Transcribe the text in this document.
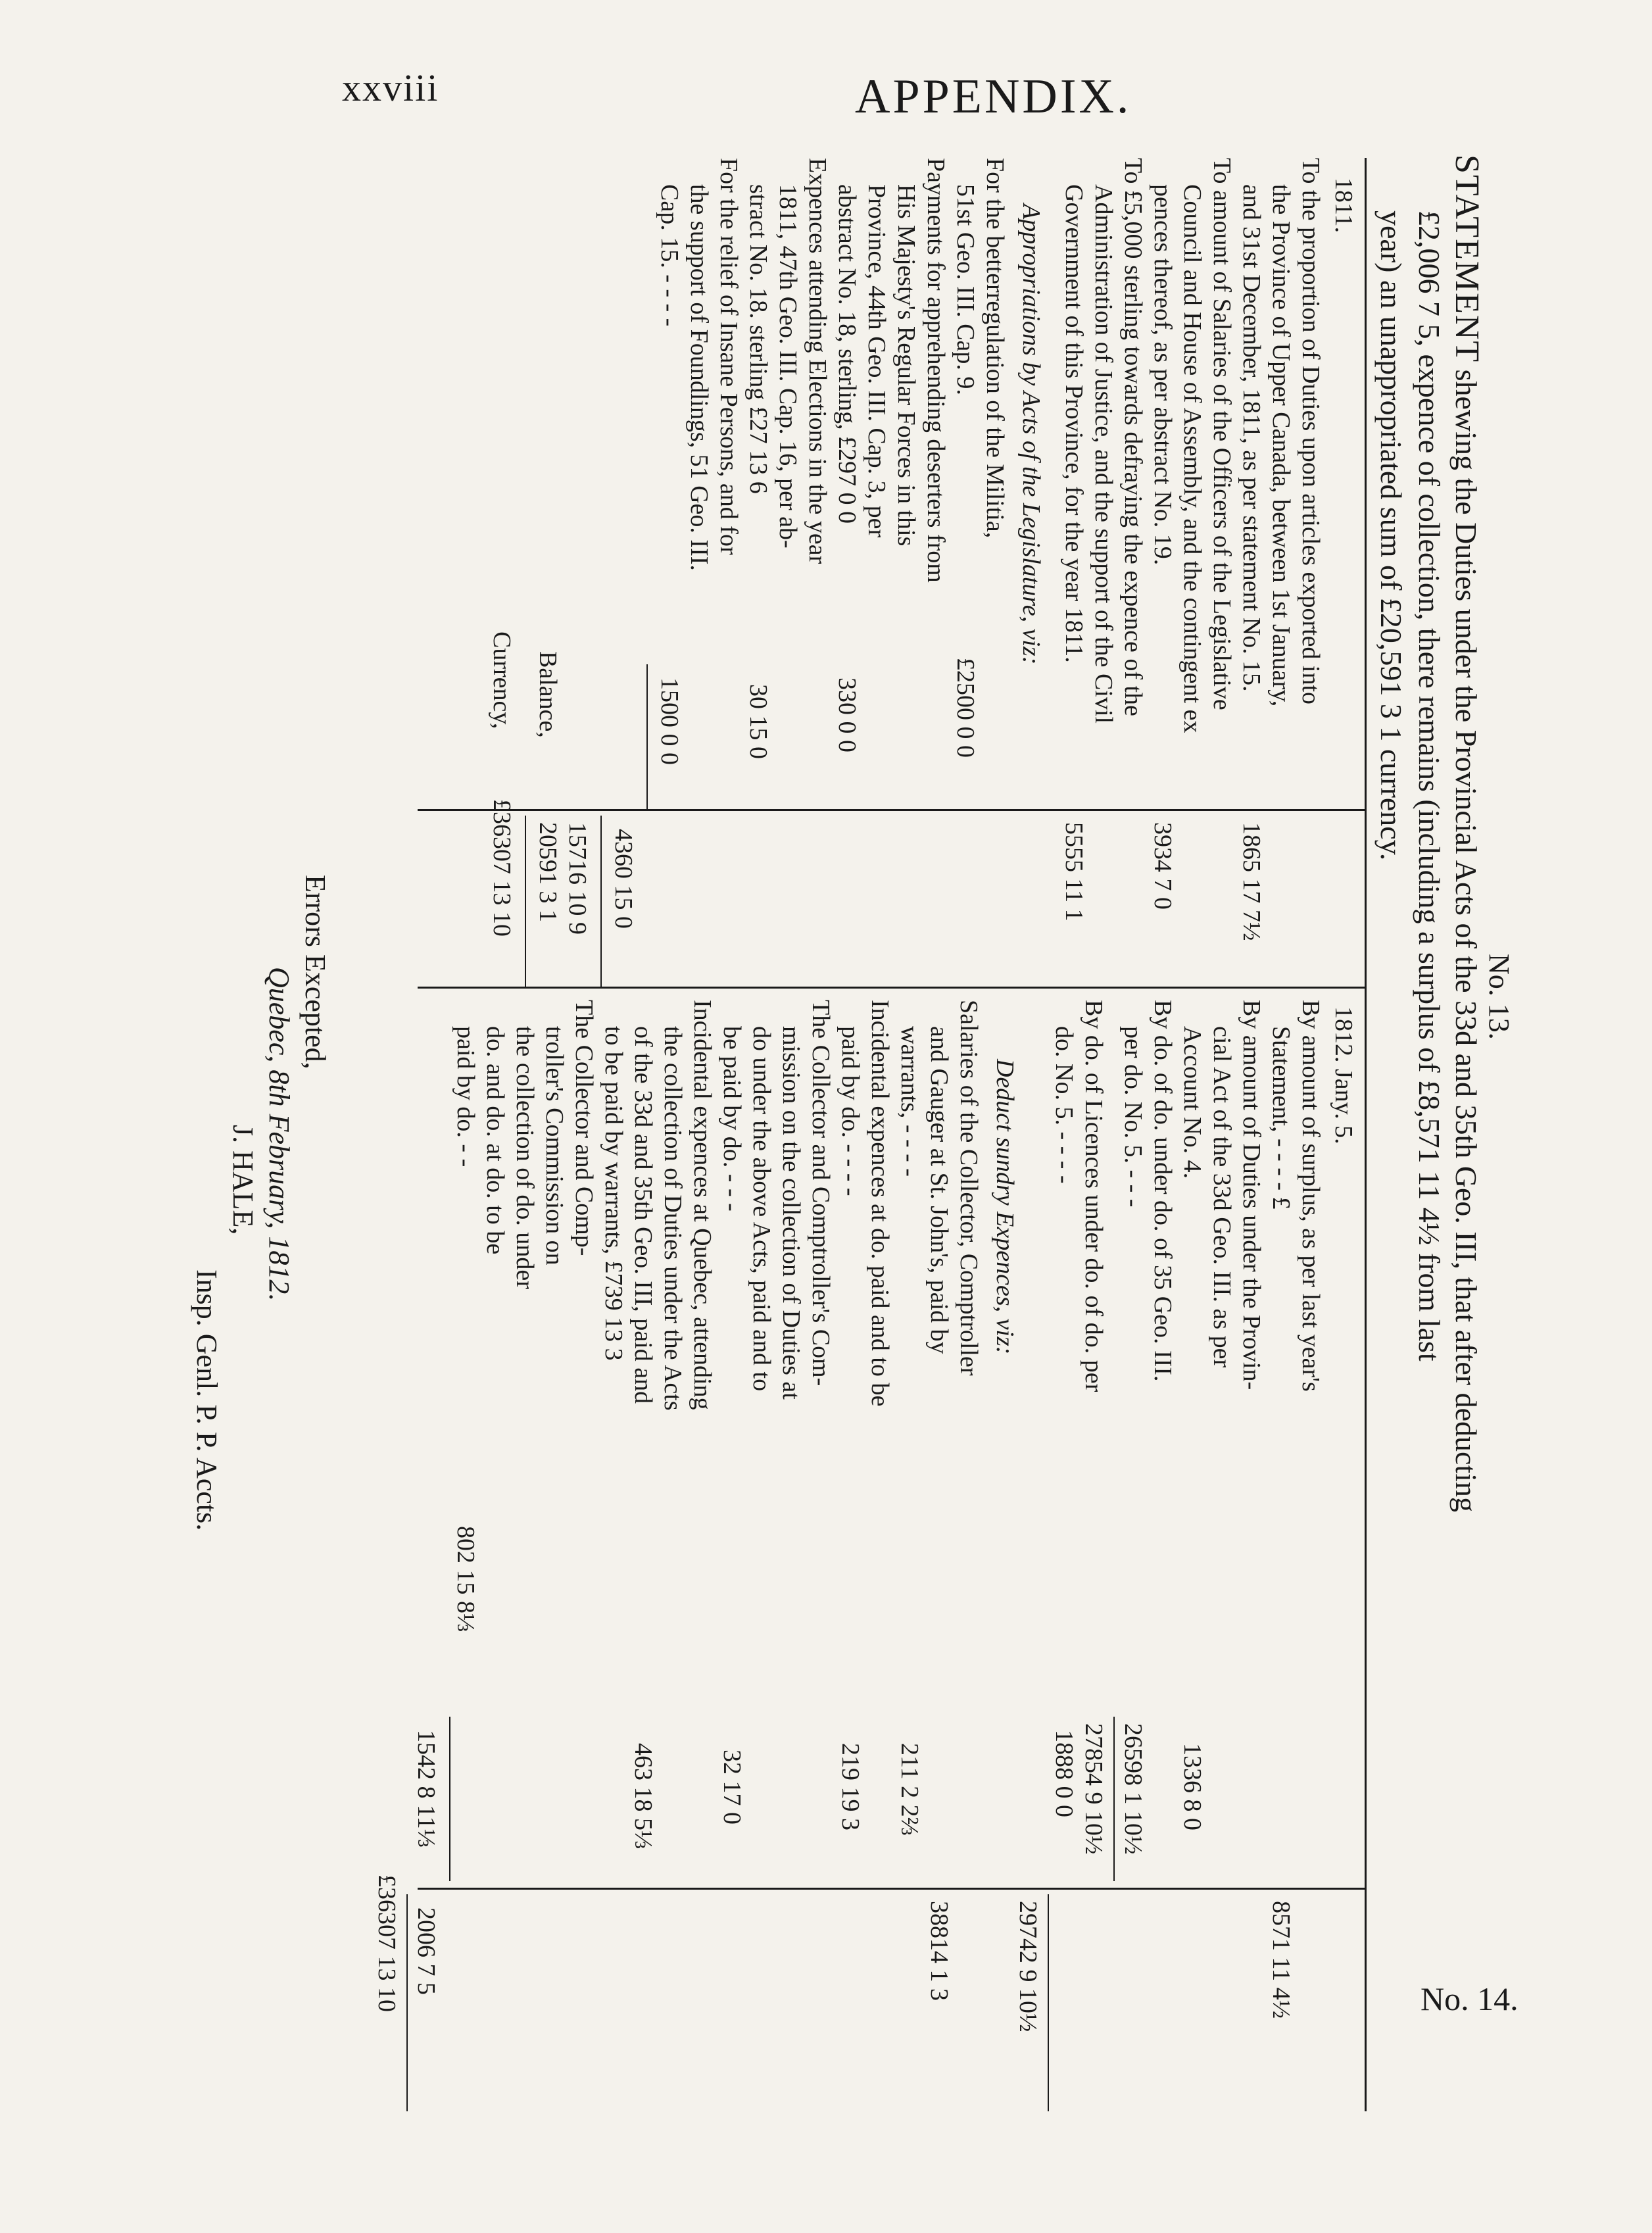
xxviii	APPENDIX.
No. 13.
STATEMENT shewing the Duties under the Provincial Acts of the 33d and 35th Geo. III, that after deducting
£2,006 7 5, expence of collection, there remains (including a surplus of £8,571 11 4½ from last
year) an unappropriated sum of £20,591 3 1 currency.
1811.
To the proportion of Duties upon articles exported into
the Province of Upper Canada, between 1st January,
and 31st December, 1811, as per statement No. 15.
1865 17 7½
To amount of Salaries of the Officers of the Legislative
Council and House of Assembly, and the contingent ex
pences thereof, as per abstract No. 19.
3934 7 0
To £5,000 sterling towards defraying the expence of the
Administration of Justice, and the support of the Civil
Government of this Province, for the year 1811.
5555 11 1
Appropriations by Acts of the Legislature, viz:
For the betterregulation of the Militia,
51st Geo. III. Cap. 9.
£2500 0 0
Payments for apprehending deserters from
His Majesty's Regular Forces in this
Province, 44th Geo. III. Cap. 3, per
abstract No. 18, sterling, £297 0 0
330 0 0
Expences attending Elections in the year
1811, 47th Geo. III. Cap. 16, per ab-
stract No. 18. sterling £27 13 6
30 15 0
For the relief of Insane Persons, and for
the support of Foundlings, 51 Geo. III.
Cap. 15. - - - -
1500 0 0
4360 15 0
15716 10 9
Balance,
20591 3 1
Currency,
£36307 13 10
1812. Jany. 5.
By amount of surplus, as per last year's
Statement, - - - - £
8571 11 4½
By amount of Duties under the Provin-
cial Act of the 33d Geo. III. as per
Account No. 4.
1336 8 0
By do. of do. under do. of 35 Geo. III.
per do. No. 5. - - -
26598 1 10½
By do. of Licences under do. of do. per
do. No. 5. - - - -
27854 9 10½
1888 0 0
29742 9 10½
Deduct sundry Expences, viz:
Salaries of the Collector, Comptroller
and Gauger at St. John's, paid by
warrants, - - - -
211 2 2⅔
38814 1 3
Incidental expences at do. paid and to be
paid by do. - - - -
219 19 3
The Collector and Comptroller's Com-
mission on the collection of Duties at
do under the above Acts, paid and to
be paid by do. - - -
32 17 0
Incidental expences at Quebec, attending
the collection of Duties under the Acts
of the 33d and 35th Geo. III, paid and
to be paid by warrants, £739 13 3
463 18 5⅓
The Collector and Comp-
troller's Commission on
the collection of do. under
do. and do. at do. to be
paid by do. - -
802 15 8⅓
1542 8 11⅓
2006 7 5
£36307 13 10
Errors Excepted,
Quebec, 8th February, 1812.
J. HALE,
Insp. Genl. P. P. Accts.
No. 14.
